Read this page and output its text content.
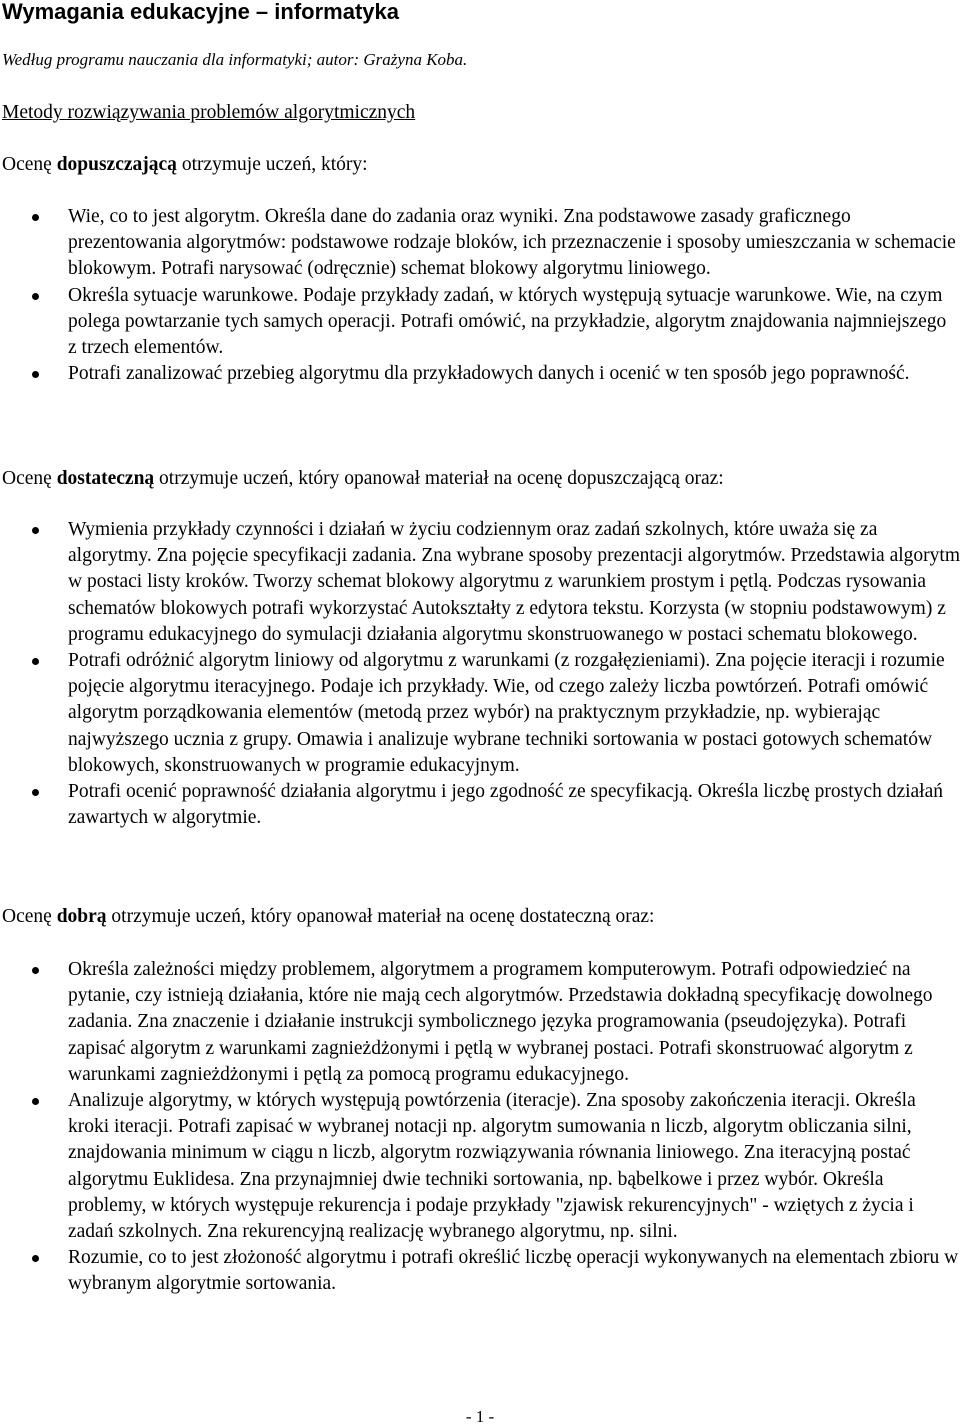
Wymagania edukacyjne – informatyka
Według programu nauczania dla informatyki; autor: Grażyna Koba.
Metody rozwiązywania problemów algorytmicznych
Ocenę dopuszczającą otrzymuje uczeń, który:
Wie, co to jest algorytm. Określa dane do zadania oraz wyniki. Zna podstawowe zasady graficznego prezentowania algorytmów: podstawowe rodzaje bloków, ich przeznaczenie i sposoby umieszczania w schemacie blokowym. Potrafi narysować (odręcznie) schemat blokowy algorytmu liniowego.
Określa sytuacje warunkowe. Podaje przykłady zadań, w których występują sytuacje warunkowe. Wie, na czym polega powtarzanie tych samych operacji. Potrafi omówić, na przykładzie, algorytm znajdowania najmniejszego z trzech elementów.
Potrafi zanalizować przebieg algorytmu dla przykładowych danych i ocenić w ten sposób jego poprawność.
Ocenę dostateczną otrzymuje uczeń, który opanował materiał na ocenę dopuszczającą oraz:
Wymienia przykłady czynności i działań w życiu codziennym oraz zadań szkolnych, które uważa się za algorytmy. Zna pojęcie specyfikacji zadania. Zna wybrane sposoby prezentacji algorytmów. Przedstawia algorytm w postaci listy kroków. Tworzy schemat blokowy algorytmu z warunkiem prostym i pętlą. Podczas rysowania schematów blokowych potrafi wykorzystać Autokształty z edytora tekstu. Korzysta (w stopniu podstawowym) z programu edukacyjnego do symulacji działania algorytmu skonstruowanego w postaci schematu blokowego.
Potrafi odróżnić algorytm liniowy od algorytmu z warunkami (z rozgałęzieniami). Zna pojęcie iteracji i rozumie pojęcie algorytmu iteracyjnego. Podaje ich przykłady. Wie, od czego zależy liczba powtórzeń. Potrafi omówić algorytm porządkowania elementów (metodą przez wybór) na praktycznym przykładzie, np. wybierając najwyższego ucznia z grupy. Omawia i analizuje wybrane techniki sortowania w postaci gotowych schematów blokowych, skonstruowanych w programie edukacyjnym.
Potrafi ocenić poprawność działania algorytmu i jego zgodność ze specyfikacją. Określa liczbę prostych działań zawartych w algorytmie.
Ocenę dobrą otrzymuje uczeń, który opanował materiał na ocenę dostateczną oraz:
Określa zależności między problemem, algorytmem a programem komputerowym. Potrafi odpowiedzieć na pytanie, czy istnieją działania, które nie mają cech algorytmów. Przedstawia dokładną specyfikację dowolnego zadania. Zna znaczenie i działanie instrukcji symbolicznego języka programowania (pseudojęzyka). Potrafi zapisać algorytm z warunkami zagnieżdżonymi i pętlą w wybranej postaci. Potrafi skonstruować algorytm z warunkami zagnieżdżonymi i pętlą za pomocą programu edukacyjnego.
Analizuje algorytmy, w których występują powtórzenia (iteracje). Zna sposoby zakończenia iteracji. Określa kroki iteracji. Potrafi zapisać w wybranej notacji np. algorytm sumowania n liczb, algorytm obliczania silni, znajdowania minimum w ciągu n liczb, algorytm rozwiązywania równania liniowego. Zna iteracyjną postać algorytmu Euklidesa. Zna przynajmniej dwie techniki sortowania, np. bąbelkowe i przez wybór. Określa problemy, w których występuje rekurencja i podaje przykłady "zjawisk rekurencyjnych" - wziętych z życia i zadań szkolnych. Zna rekurencyjną realizację wybranego algorytmu, np. silni.
Rozumie, co to jest złożoność algorytmu i potrafi określić liczbę operacji wykonywanych na elementach zbioru w wybranym algorytmie sortowania.
- 1 -
